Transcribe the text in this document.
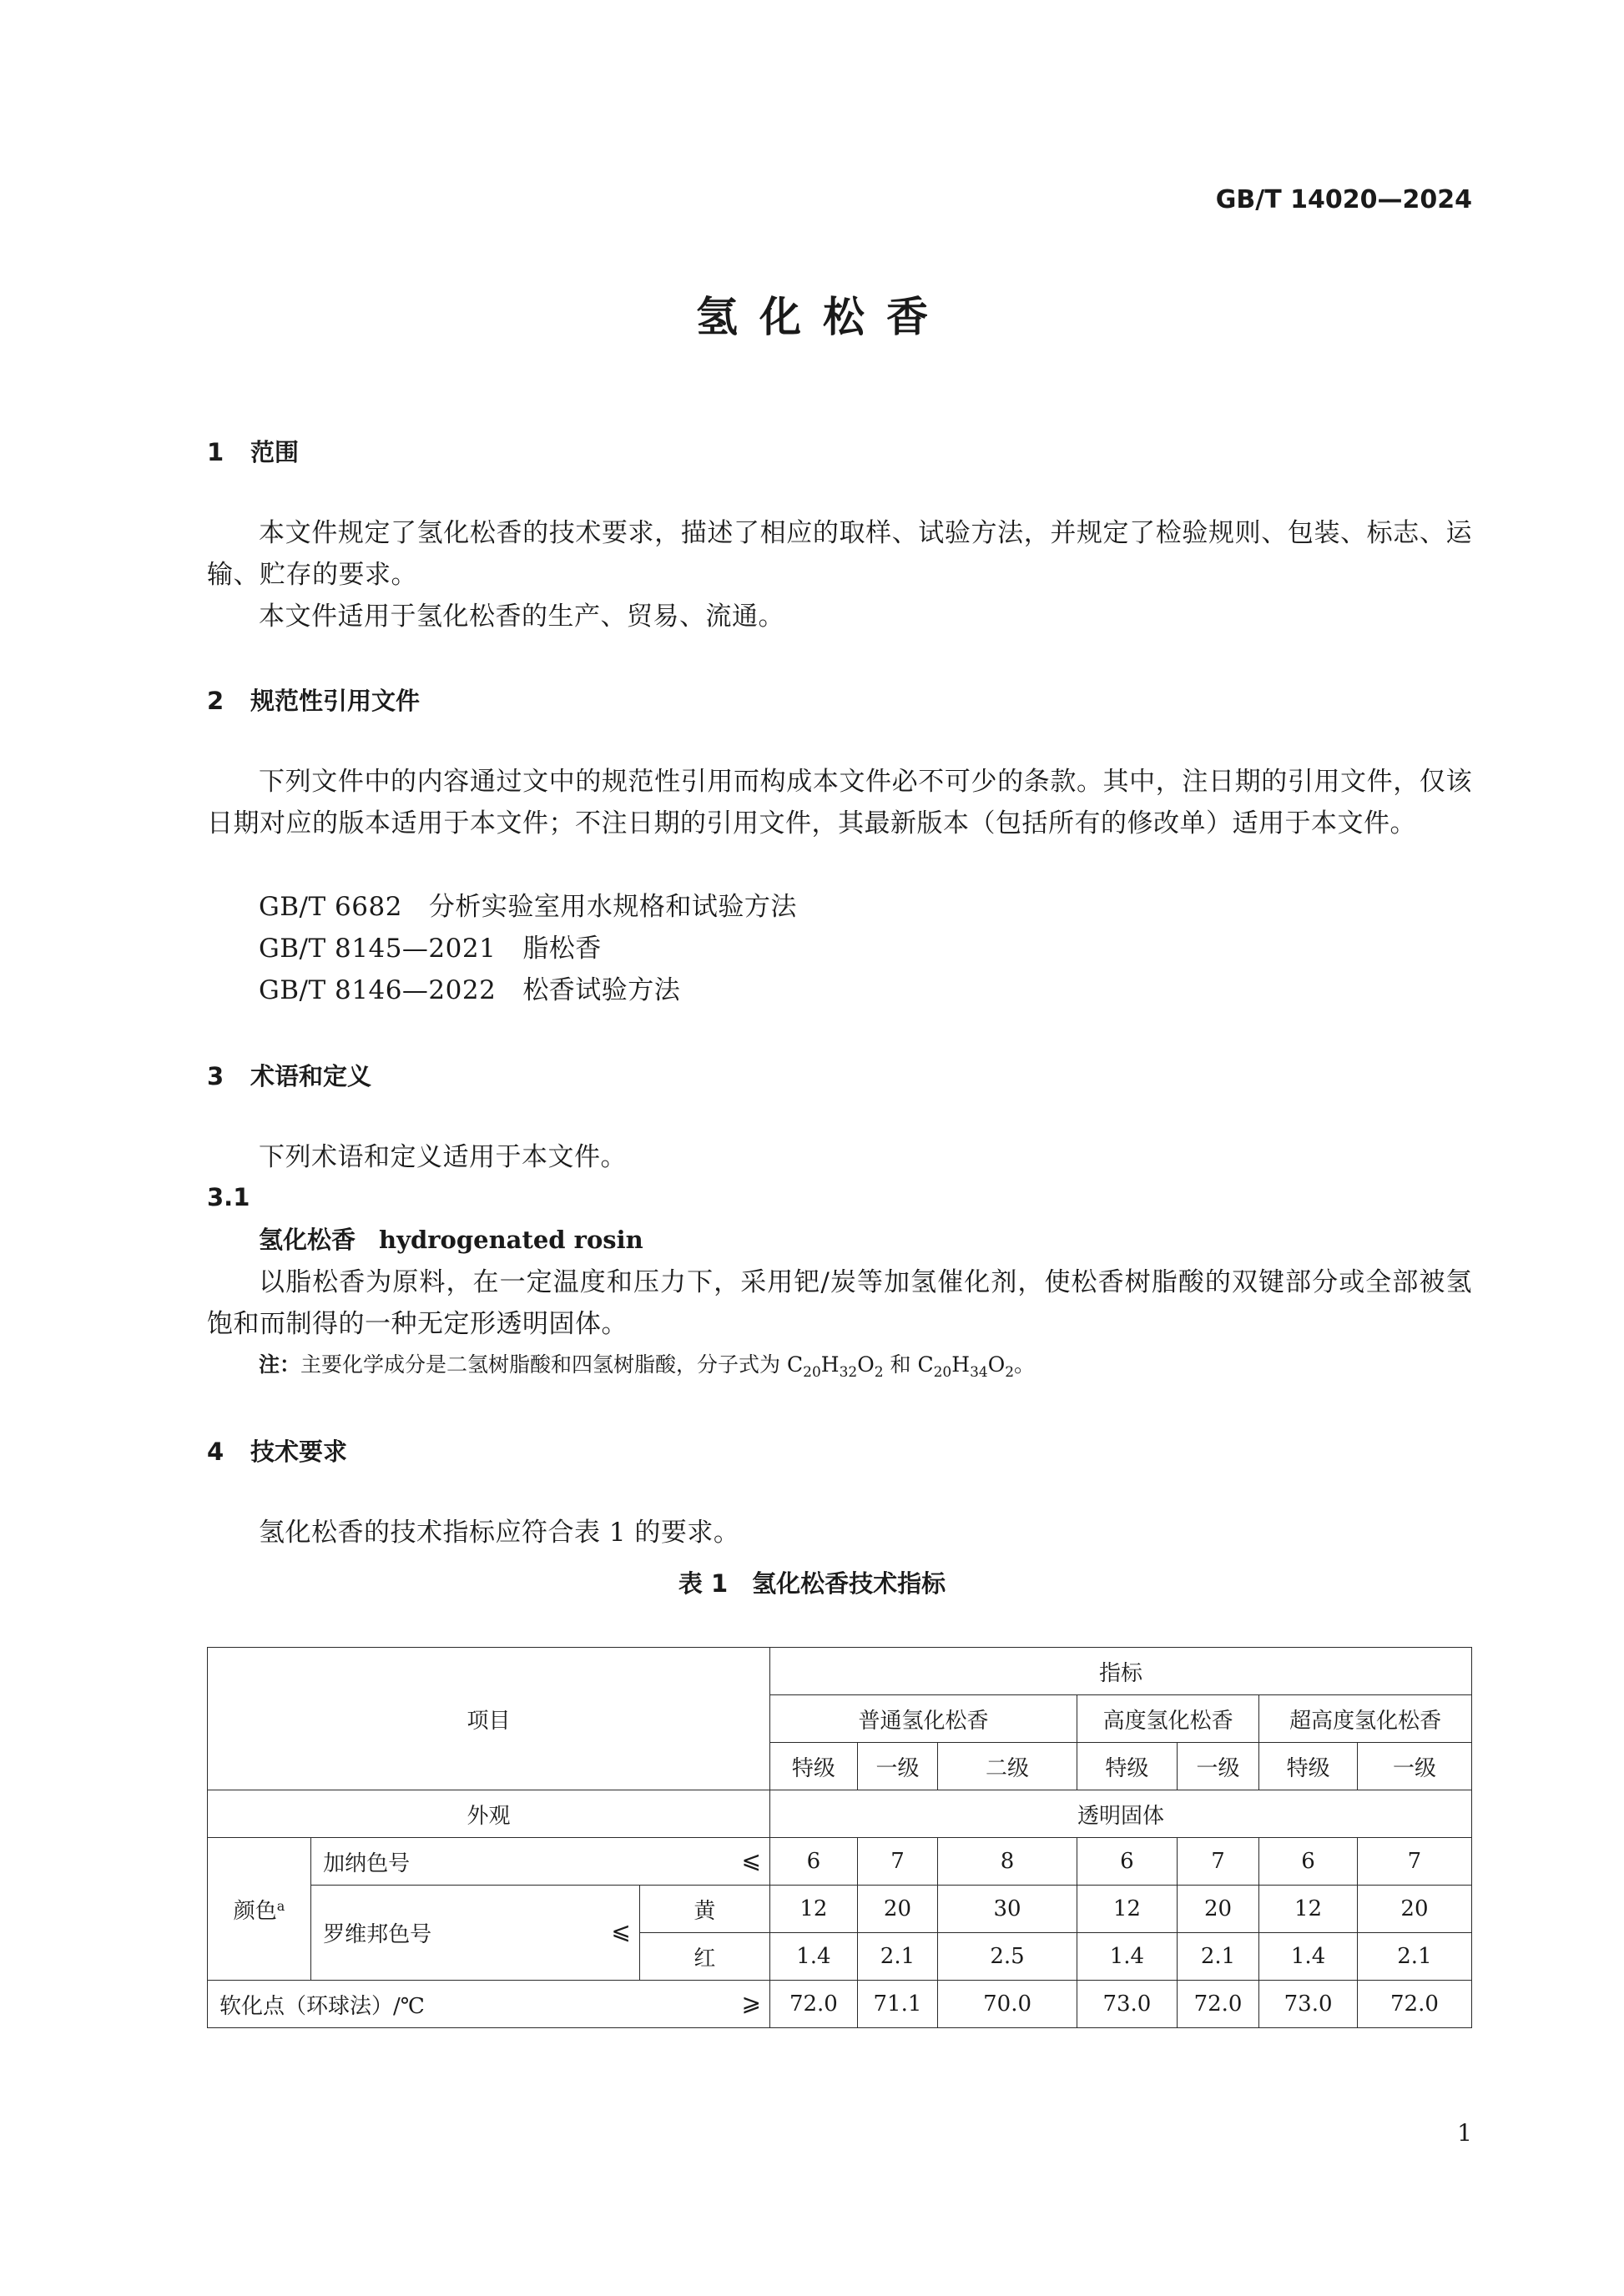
GB/T 14020—2024
氢化松香
1 范围
本文件规定了氢化松香的技术要求，描述了相应的取样、试验方法，并规定了检验规则、包装、标志、运输、贮存的要求。
本文件适用于氢化松香的生产、贸易、流通。
2 规范性引用文件
下列文件中的内容通过文中的规范性引用而构成本文件必不可少的条款。其中，注日期的引用文件，仅该日期对应的版本适用于本文件；不注日期的引用文件，其最新版本（包括所有的修改单）适用于本文件。
GB/T 6682 分析实验室用水规格和试验方法
GB/T 8145—2021 脂松香
GB/T 8146—2022 松香试验方法
3 术语和定义
下列术语和定义适用于本文件。
3.1
氢化松香 hydrogenated rosin
以脂松香为原料，在一定温度和压力下，采用钯/炭等加氢催化剂，使松香树脂酸的双键部分或全部被氢饱和而制得的一种无定形透明固体。
注：主要化学成分是二氢树脂酸和四氢树脂酸，分子式为 $C_{20}H_{32}O_2$ 和 $C_{20}H_{34}O_2$。
4 技术要求
氢化松香的技术指标应符合表 1 的要求。
表 1　氢化松香技术指标
项目			指标						
			普通氢化松香			高度氢化松香		超高度氢化松香	
			特级	一级	二级	特级	一级	特级	一级
外观			透明固体						
颜色$^a$	加纳色号 ⩽		6	7	8	6	7	6	7
	罗维邦色号 ⩽	黄	12	20	30	12	20	12	20
		红	1.4	2.1	2.5	1.4	2.1	1.4	2.1
软化点（环球法）/℃ ⩾			72.0	71.1	70.0	73.0	72.0	73.0	72.0
1
